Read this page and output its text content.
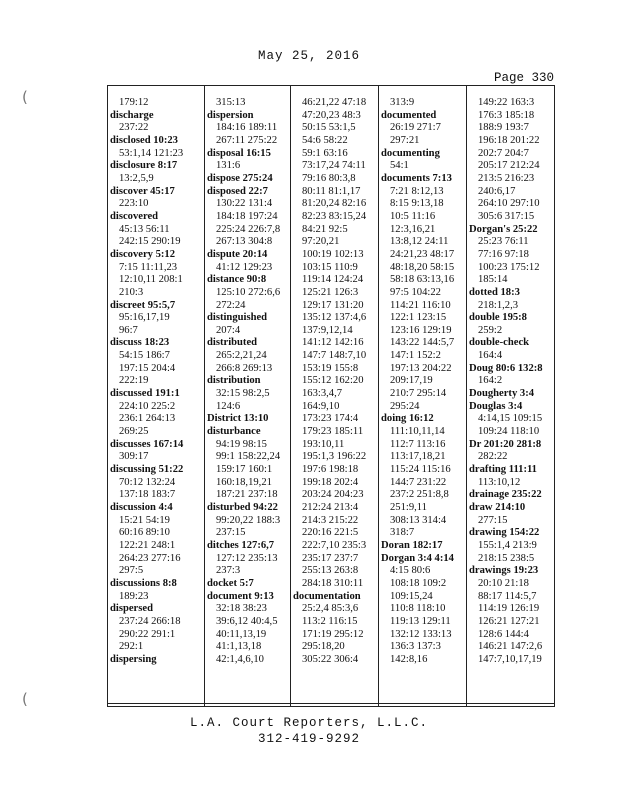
May 25, 2016
Page 330
(
(
179:12
discharge
237:22
disclosed 10:23
53:1,14 121:23
disclosure 8:17
13:2,5,9
discover 45:17
223:10
discovered
45:13 56:11
242:15 290:19
discovery 5:12
7:15 11:11,23
12:10,11 208:1
210:3
discreet 95:5,7
95:16,17,19
96:7
discuss 18:23
54:15 186:7
197:15 204:4
222:19
discussed 191:1
224:10 225:2
236:1 264:13
269:25
discusses 167:14
309:17
discussing 51:22
70:12 132:24
137:18 183:7
discussion 4:4
15:21 54:19
60:16 89:10
122:21 248:1
264:23 277:16
297:5
discussions 8:8
189:23
dispersed
237:24 266:18
290:22 291:1
292:1
dispersing
315:13
dispersion
184:16 189:11
267:11 275:22
disposal 16:15
131:6
dispose 275:24
disposed 22:7
130:22 131:4
184:18 197:24
225:24 226:7,8
267:13 304:8
dispute 20:14
41:12 129:23
distance 90:8
125:10 272:6,6
272:24
distinguished
207:4
distributed
265:2,21,24
266:8 269:13
distribution
32:15 98:2,5
124:6
District 13:10
disturbance
94:19 98:15
99:1 158:22,24
159:17 160:1
160:18,19,21
187:21 237:18
disturbed 94:22
99:20,22 188:3
237:15
ditches 127:6,7
127:12 235:13
237:3
docket 5:7
document 9:13
32:18 38:23
39:6,12 40:4,5
40:11,13,19
41:1,13,18
42:1,4,6,10
46:21,22 47:18
47:20,23 48:3
50:15 53:1,5
54:6 58:22
59:1 63:16
73:17,24 74:11
79:16 80:3,8
80:11 81:1,17
81:20,24 82:16
82:23 83:15,24
84:21 92:5
97:20,21
100:19 102:13
103:15 110:9
119:14 124:24
125:21 126:3
129:17 131:20
135:12 137:4,6
137:9,12,14
141:12 142:16
147:7 148:7,10
153:19 155:8
155:12 162:20
163:3,4,7
164:9,10
173:23 174:4
179:23 185:11
193:10,11
195:1,3 196:22
197:6 198:18
199:18 202:4
203:24 204:23
212:24 213:4
214:3 215:22
220:16 221:5
222:7,10 235:3
235:17 237:7
255:13 263:8
284:18 310:11
documentation
25:2,4 85:3,6
113:2 116:15
171:19 295:12
295:18,20
305:22 306:4
313:9
documented
26:19 271:7
297:21
documenting
54:1
documents 7:13
7:21 8:12,13
8:15 9:13,18
10:5 11:16
12:3,16,21
13:8,12 24:11
24:21,23 48:17
48:18,20 58:15
58:18 63:13,16
97:5 104:22
114:21 116:10
122:1 123:15
123:16 129:19
143:22 144:5,7
147:1 152:2
197:13 204:22
209:17,19
210:7 295:14
295:24
doing 16:12
111:10,11,14
112:7 113:16
113:17,18,21
115:24 115:16
144:7 231:22
237:2 251:8,8
251:9,11
308:13 314:4
318:7
Doran 182:17
Dorgan 3:4 4:14
4:15 80:6
108:18 109:2
109:15,24
110:8 118:10
119:13 129:11
132:12 133:13
136:3 137:3
142:8,16
149:22 163:3
176:3 185:18
188:9 193:7
196:18 201:22
202:7 204:7
205:17 212:24
213:5 216:23
240:6,17
264:10 297:10
305:6 317:15
Dorgan's 25:22
25:23 76:11
77:16 97:18
100:23 175:12
185:14
dotted 18:3
218:1,2,3
double 195:8
259:2
double-check
164:4
Doug 80:6 132:8
164:2
Dougherty 3:4
Douglas 3:4
4:14,15 109:15
109:24 118:10
Dr 201:20 281:8
282:22
drafting 111:11
113:10,12
drainage 235:22
draw 214:10
277:15
drawing 154:22
155:1,4 213:9
218:15 238:5
drawings 19:23
20:10 21:18
88:17 114:5,7
114:19 126:19
126:21 127:21
128:6 144:4
146:21 147:2,6
147:7,10,17,19
L.A. Court Reporters, L.L.C.
312-419-9292
